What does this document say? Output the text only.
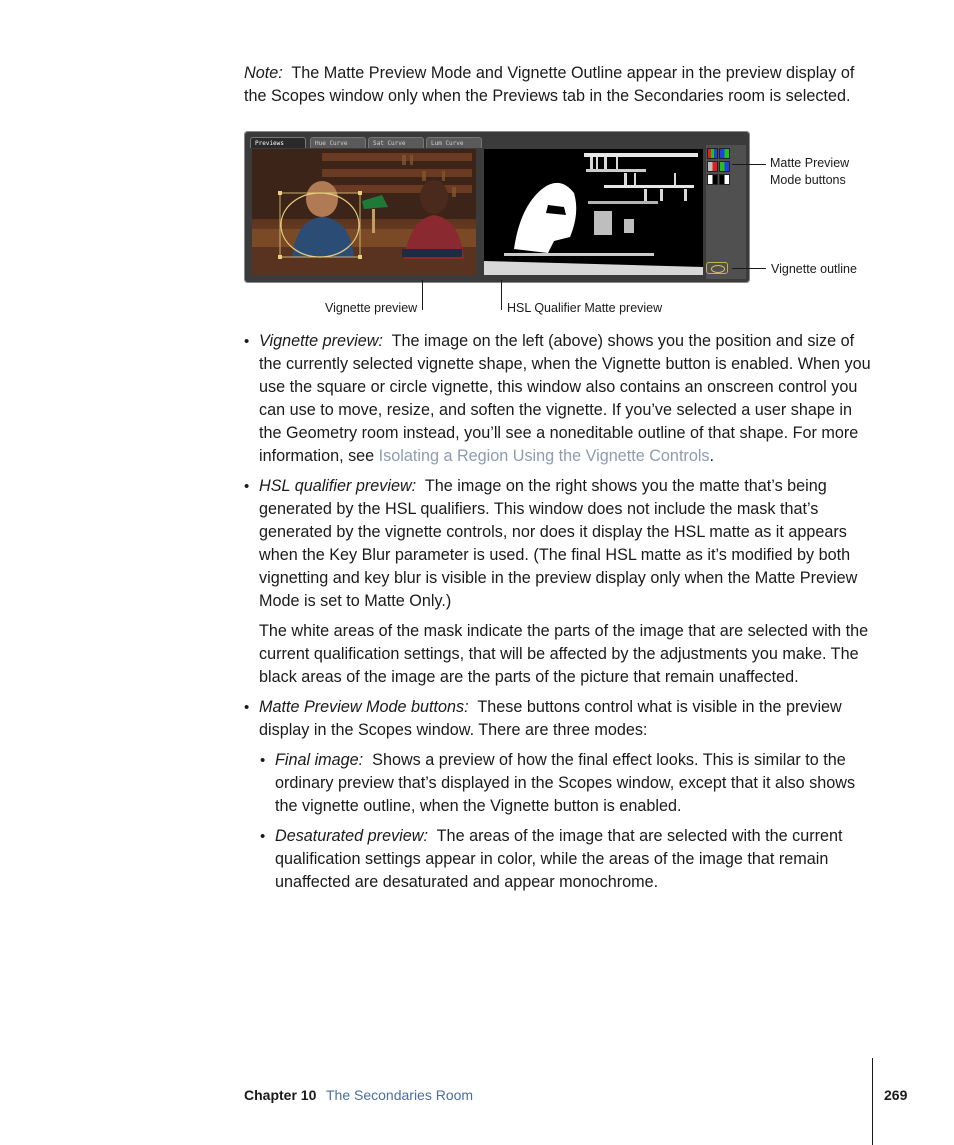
Note: The Matte Preview Mode and Vignette Outline appear in the preview display of the Scopes window only when the Previews tab in the Secondaries room is selected.
Previews	Hue Curve	Sat Curve	Lum Curve
Matte Preview Mode buttons
Vignette outline
Vignette preview	HSL Qualifier Matte preview
• Vignette preview: The image on the left (above) shows you the position and size of the currently selected vignette shape, when the Vignette button is enabled. When you use the square or circle vignette, this window also contains an onscreen control you can use to move, resize, and soften the vignette. If you’ve selected a user shape in the Geometry room instead, you’ll see a noneditable outline of that shape. For more information, see Isolating a Region Using the Vignette Controls.
• HSL qualifier preview: The image on the right shows you the matte that’s being generated by the HSL qualifiers. This window does not include the mask that’s generated by the vignette controls, nor does it display the HSL matte as it appears when the Key Blur parameter is used. (The final HSL matte as it’s modified by both vignetting and key blur is visible in the preview display only when the Matte Preview Mode is set to Matte Only.)
The white areas of the mask indicate the parts of the image that are selected with the current qualification settings, that will be affected by the adjustments you make. The black areas of the image are the parts of the picture that remain unaffected.
• Matte Preview Mode buttons: These buttons control what is visible in the preview display in the Scopes window. There are three modes:
• Final image: Shows a preview of how the final effect looks. This is similar to the ordinary preview that’s displayed in the Scopes window, except that it also shows the vignette outline, when the Vignette button is enabled.
• Desaturated preview: The areas of the image that are selected with the current qualification settings appear in color, while the areas of the image that remain unaffected are desaturated and appear monochrome.
Chapter 10 The Secondaries Room	269
